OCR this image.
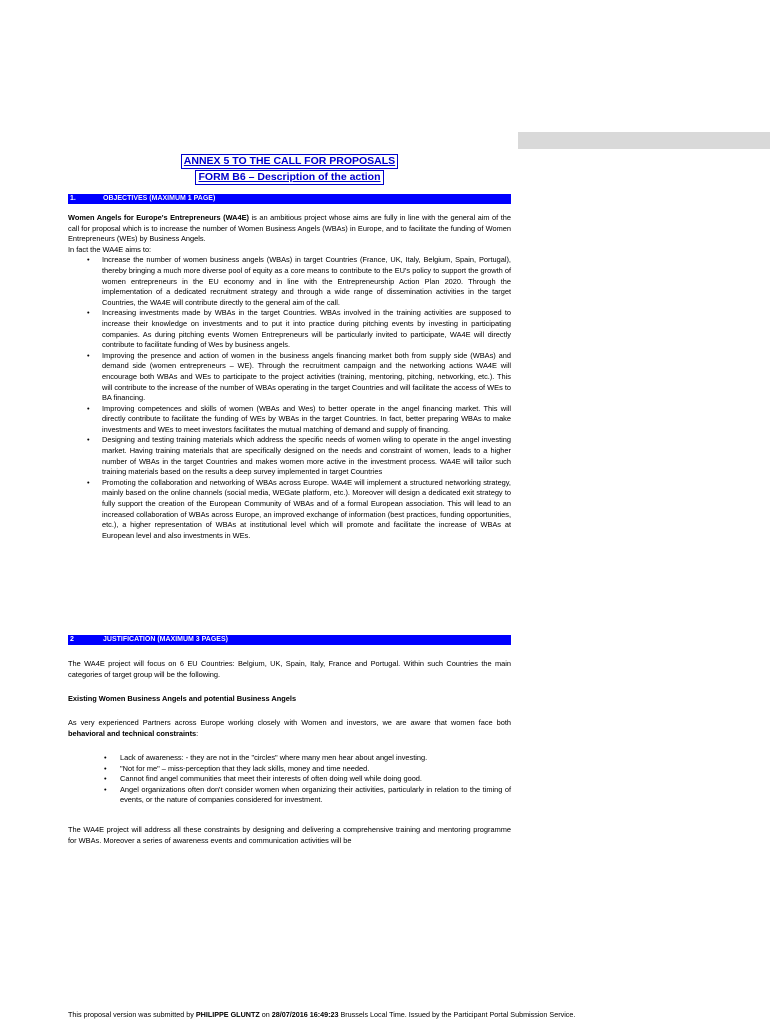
ANNEX 5 TO THE CALL FOR PROPOSALS
FORM B6 – Description of the action
1.	OBJECTIVES (MAXIMUM 1 PAGE)

Women Angels for Europe's Entrepreneurs (WA4E) is an ambitious project whose aims are fully in line with the general aim of the call for proposal which is to increase the number of Women Business Angels (WBAs) in Europe, and to facilitate the funding of Women Entrepreneurs (WEs) by Business Angels.

In fact the WA4E aims to:

• Increase the number of women business angels (WBAs) in target Countries (France, UK, Italy, Belgium, Spain, Portugal), thereby bringing a much more diverse pool of equity as a core means to contribute to the EU's policy to support the growth of women entrepreneurs in the EU economy and in line with the Entrepreneurship Action Plan 2020. Through the implementation of a dedicated recruitment strategy and through a wide range of dissemination activities in the target Countries, the WA4E will contribute directly to the general aim of the call.
• Increasing investments made by WBAs in the target Countries. WBAs involved in the training activities are supposed to increase their knowledge on investments and to put it into practice during pitching events by investing in participating companies. As during pitching events Women Entrepreneurs will be particularly invited to participate, WA4E will directly contribute to facilitate funding of Wes by business angels.
• Improving the presence and action of women in the business angels financing market both from supply side (WBAs) and demand side (women entrepreneurs – WE). Through the recruitment campaign and the networking actions WA4E will encourage both WBAs and WEs to participate to the project activities (training, mentoring, pitching, networking, etc.). This will contribute to the increase of the number of WBAs operating in the target Countries and will facilitate the access of WEs to BA financing.
• Improving competences and skills of women (WBAs and Wes) to better operate in the angel financing market. This will directly contribute to facilitate the funding of WEs by WBAs in the target Countries. In fact, better preparing WBAs to make investments and WEs to meet investors facilitates the mutual matching of demand and supply of financing.
• Designing and testing training materials which address the specific needs of women wiling to operate in the angel investing market. Having training materials that are specifically designed on the needs and constraint of women, leads to a higher number of WBAs in the target Countries and makes women more active in the investment process. WA4E will tailor such training materials based on the results a deep survey implemented in target Countries
• Promoting the collaboration and networking of WBAs across Europe. WA4E will implement a structured networking strategy, mainly based on the online channels (social media, WEGate platform, etc.). Moreover will design a dedicated exit strategy to fully support the creation of the European Community of WBAs and of a formal European association. This will lead to an increased collaboration of WBAs across Europe, an improved exchange of information (best practices, funding opportunities, etc.), a higher representation of WBAs at institutional level which will promote and facilitate the increase of WBAs at European level and also investments in WEs.
2	JUSTIFICATION (MAXIMUM 3 PAGES)

The WA4E project will focus on 6 EU Countries: Belgium, UK, Spain, Italy, France and Portugal. Within such Countries the main categories of target group will be the following.

Existing Women Business Angels and potential Business Angels

As very experienced Partners across Europe working closely with Women and investors, we are aware that women face both behavioral and technical constraints:

• Lack of awareness: - they are not in the "circles" where many men hear about angel investing.
• "Not for me" – miss-perception that they lack skills, money and time needed.
• Cannot find angel communities that meet their interests of often doing well while doing good.
• Angel organizations often don't consider women when organizing their activities, particularly in relation to the timing of events, or the nature of companies considered for investment.

The WA4E project will address all these constraints by designing and delivering a comprehensive training and mentoring programme for WBAs. Moreover a series of awareness events and communication activities will be

This proposal version was submitted by PHILIPPE GLUNTZ on 28/07/2016 16:49:23 Brussels Local Time. Issued by the Participant Portal Submission Service.
